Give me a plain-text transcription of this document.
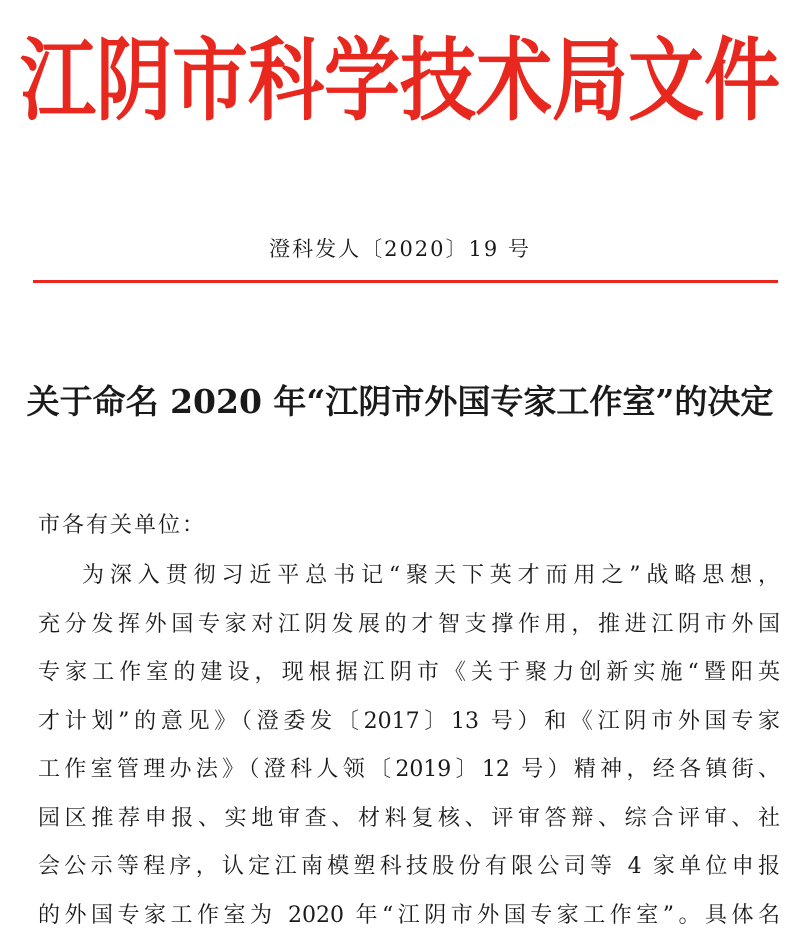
江阴市科学技术局文件
澄科发人〔2020〕19 号
关于命名 2020 年“江阴市外国专家工作室”的决定
市各有关单位：
为深入贯彻习近平总书记“聚天下英才而用之”战略思想，
充分发挥外国专家对江阴发展的才智支撑作用，推进江阴市外国
专家工作室的建设，现根据江阴市《关于聚力创新实施“暨阳英
才计划”的意见》（澄委发〔2017〕13 号）和《江阴市外国专家
工作室管理办法》（澄科人领〔2019〕12 号）精神，经各镇街、
园区推荐申报、实地审查、材料复核、评审答辩、综合评审、社
会公示等程序，认定江南模塑科技股份有限公司等 4 家单位申报
的外国专家工作室为 2020 年“江阴市外国专家工作室”。具体名
